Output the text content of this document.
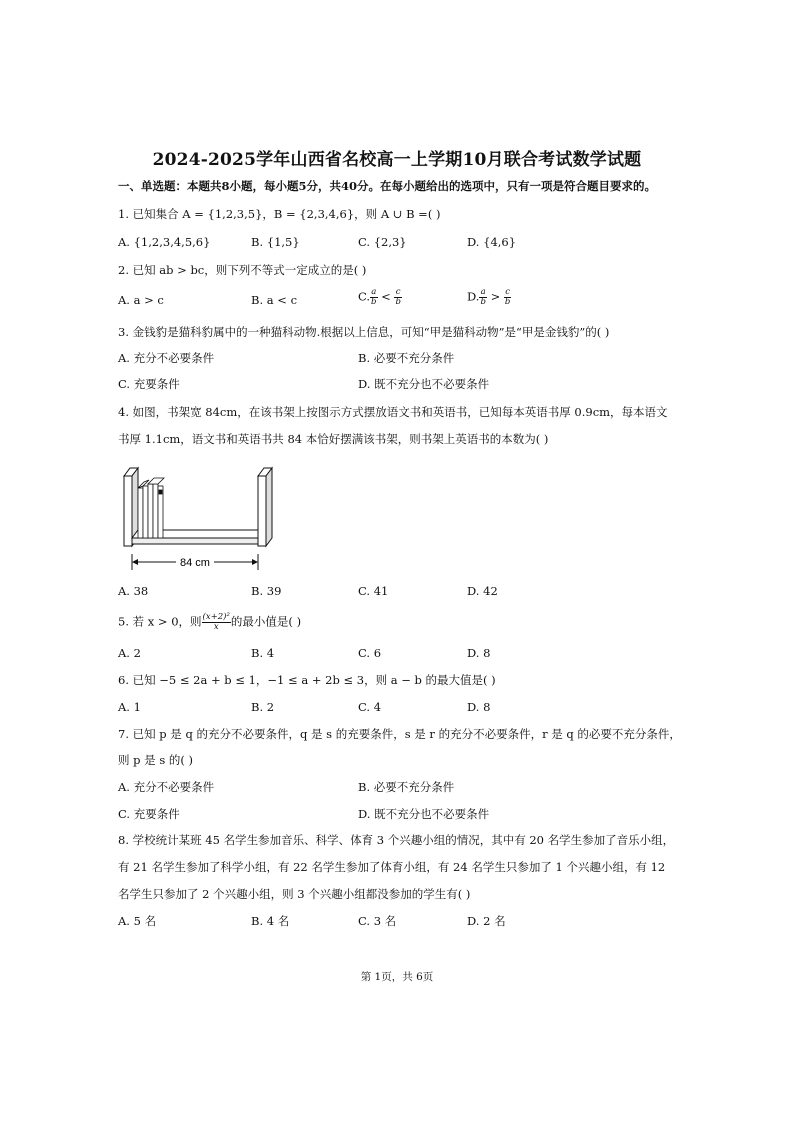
2024-2025学年山西省名校高一上学期10月联合考试数学试题
一、单选题：本题共8小题，每小题5分，共40分。在每小题给出的选项中，只有一项是符合题目要求的。
1. 已知集合 A = {1,2,3,5}，B = {2,3,4,6}，则 A ∪ B =( )
A. {1,2,3,4,5,6}	B. {1,5}	C. {2,3}	D. {4,6}
2. 已知 ab > bc，则下列不等式一定成立的是( )
A. a > c	B. a < c	C. $\frac{a}{b} < \frac{c}{b}$	D. $\frac{a}{b} > \frac{c}{b}$
3. 金钱豹是猫科豹属中的一种猫科动物.根据以上信息，可知“甲是猫科动物”是“甲是金钱豹”的( )
A. 充分不必要条件	B. 必要不充分条件
C. 充要条件	D. 既不充分也不必要条件
4. 如图，书架宽 84cm，在该书架上按图示方式摆放语文书和英语书，已知每本英语书厚 0.9cm，每本语文
书厚 1.1cm，语文书和英语书共 84 本恰好摆满该书架，则书架上英语书的本数为( )
84 cm
A. 38	B. 39	C. 41	D. 42
5. 若 x > 0，则 $\frac{\text{(x+2)²}}{x}$ 的最小值是( )
A. 2	B. 4	C. 6	D. 8
6. 已知 −5 ≤ 2a + b ≤ 1，−1 ≤ a + 2b ≤ 3，则 a − b 的最大值是( )
A. 1	B. 2	C. 4	D. 8
7. 已知 p 是 q 的充分不必要条件，q 是 s 的充要条件，s 是 r 的充分不必要条件，r 是 q 的必要不充分条件，
则 p 是 s 的( )
A. 充分不必要条件	B. 必要不充分条件
C. 充要条件	D. 既不充分也不必要条件
8. 学校统计某班 45 名学生参加音乐、科学、体育 3 个兴趣小组的情况，其中有 20 名学生参加了音乐小组，
有 21 名学生参加了科学小组，有 22 名学生参加了体育小组，有 24 名学生只参加了 1 个兴趣小组，有 12
名学生只参加了 2 个兴趣小组，则 3 个兴趣小组都没参加的学生有( )
A. 5 名	B. 4 名	C. 3 名	D. 2 名
第 1页，共 6页
